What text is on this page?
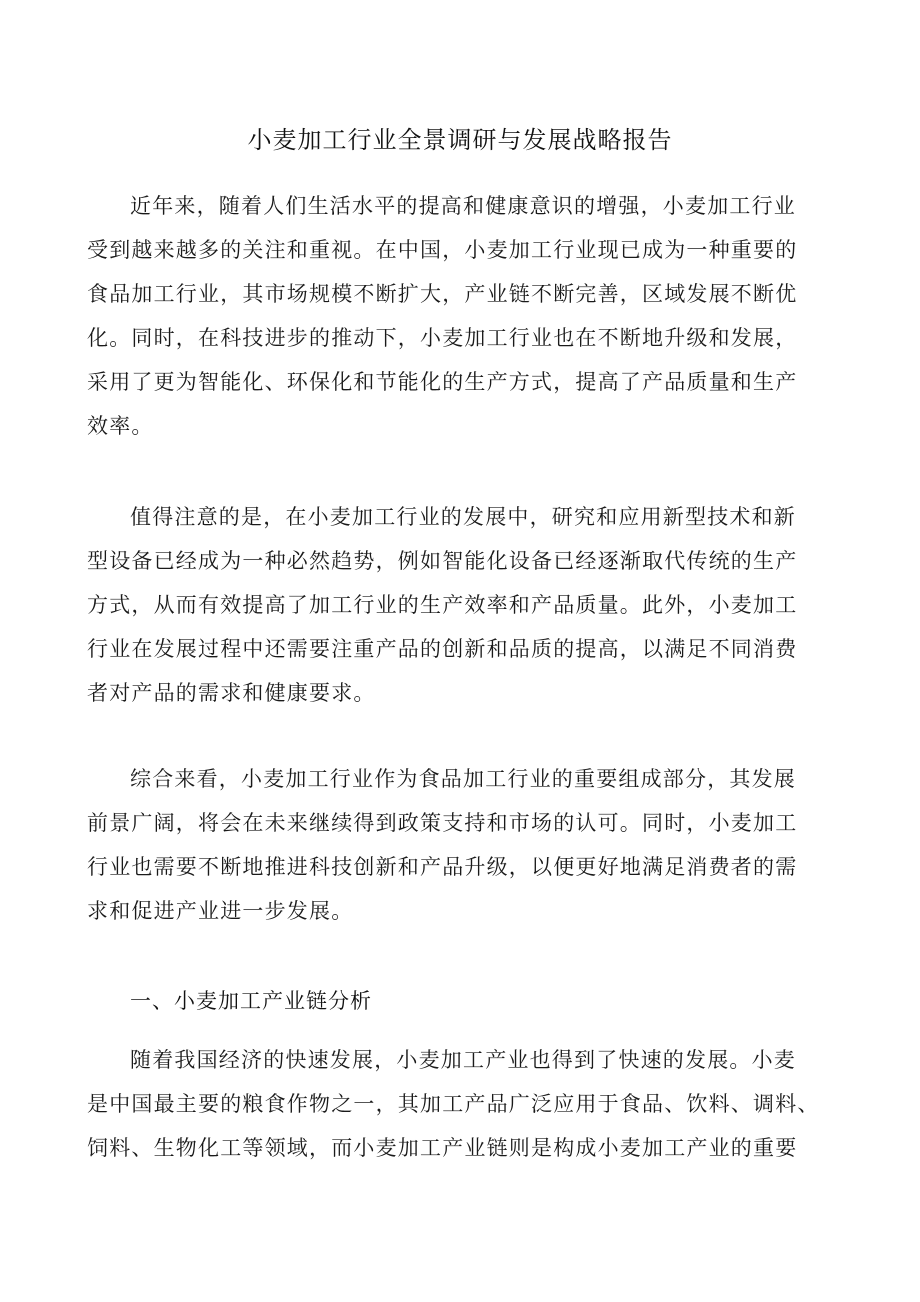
小麦加工行业全景调研与发展战略报告

近年来，随着人们生活水平的提高和健康意识的增强，小麦加工行业
受到越来越多的关注和重视。在中国，小麦加工行业现已成为一种重要的
食品加工行业，其市场规模不断扩大，产业链不断完善，区域发展不断优
化。同时，在科技进步的推动下，小麦加工行业也在不断地升级和发展，
采用了更为智能化、环保化和节能化的生产方式，提高了产品质量和生产
效率。

值得注意的是，在小麦加工行业的发展中，研究和应用新型技术和新
型设备已经成为一种必然趋势，例如智能化设备已经逐渐取代传统的生产
方式，从而有效提高了加工行业的生产效率和产品质量。此外，小麦加工
行业在发展过程中还需要注重产品的创新和品质的提高，以满足不同消费
者对产品的需求和健康要求。

综合来看，小麦加工行业作为食品加工行业的重要组成部分，其发展
前景广阔，将会在未来继续得到政策支持和市场的认可。同时，小麦加工
行业也需要不断地推进科技创新和产品升级，以便更好地满足消费者的需
求和促进产业进一步发展。

一、小麦加工产业链分析

随着我国经济的快速发展，小麦加工产业也得到了快速的发展。小麦
是中国最主要的粮食作物之一，其加工产品广泛应用于食品、饮料、调料、
饲料、生物化工等领域，而小麦加工产业链则是构成小麦加工产业的重要
